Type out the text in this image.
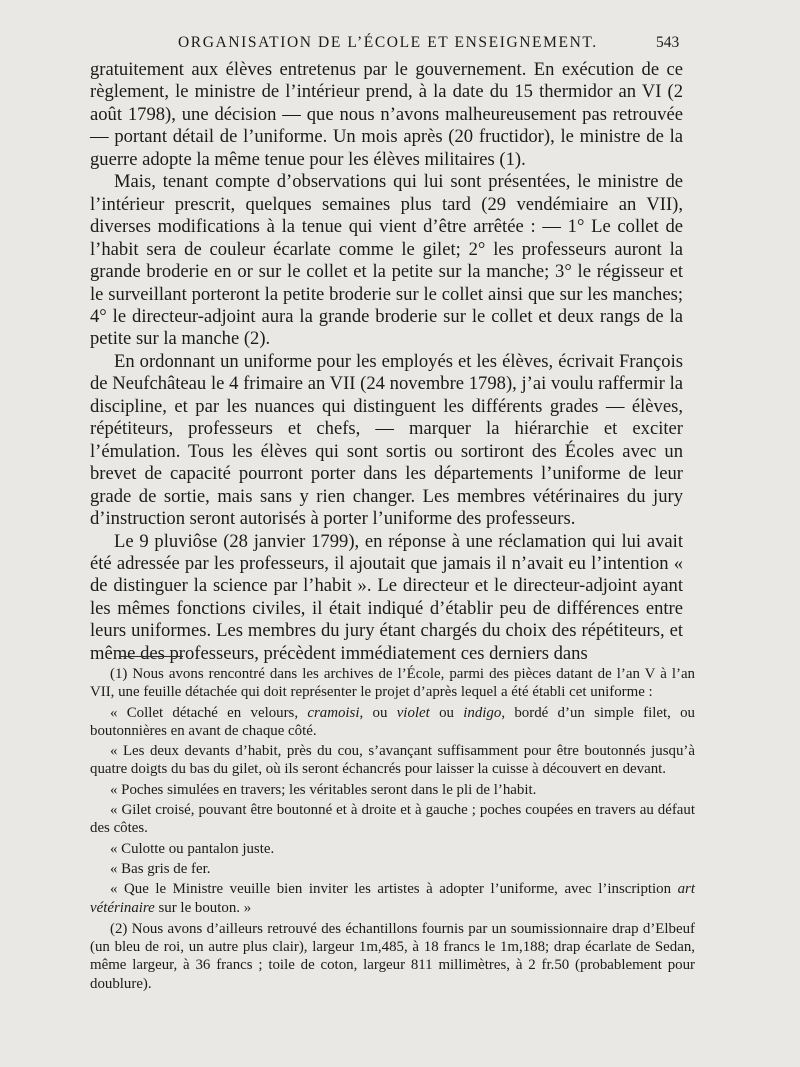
ORGANISATION DE L’ÉCOLE ET ENSEIGNEMENT.	543

gratuitement aux élèves entretenus par le gouvernement. En exécution de ce règlement, le ministre de l’intérieur prend, à la date du 15 thermidor an VI (2 août 1798), une décision — que nous n’avons malheureusement pas retrouvée — portant détail de l’uniforme. Un mois après (20 fructidor), le ministre de la guerre adopte la même tenue pour les élèves militaires (1).

Mais, tenant compte d’observations qui lui sont présentées, le ministre de l’intérieur prescrit, quelques semaines plus tard (29 vendémiaire an VII), diverses modifications à la tenue qui vient d’être arrêtée : — 1° Le collet de l’habit sera de couleur écarlate comme le gilet; 2° les professeurs auront la grande broderie en or sur le collet et la petite sur la manche; 3° le régisseur et le surveillant porteront la petite broderie sur le collet ainsi que sur les manches; 4° le directeur-adjoint aura la grande broderie sur le collet et deux rangs de la petite sur la manche (2).

En ordonnant un uniforme pour les employés et les élèves, écrivait François de Neufchâteau le 4 frimaire an VII (24 novembre 1798), j’ai voulu raffermir la discipline, et par les nuances qui distinguent les différents grades — élèves, répétiteurs, professeurs et chefs, — marquer la hiérarchie et exciter l’émulation. Tous les élèves qui sont sortis ou sortiront des Écoles avec un brevet de capacité pourront porter dans les départements l’uniforme de leur grade de sortie, mais sans y rien changer. Les membres vétérinaires du jury d’instruction seront autorisés à porter l’uniforme des professeurs.

Le 9 pluviôse (28 janvier 1799), en réponse à une réclamation qui lui avait été adressée par les professeurs, il ajoutait que jamais il n’avait eu l’intention « de distinguer la science par l’habit ». Le directeur et le directeur-adjoint ayant les mêmes fonctions civiles, il était indiqué d’établir peu de différences entre leurs uniformes. Les membres du jury étant chargés du choix des répétiteurs, et même des professeurs, précèdent immédiatement ces derniers dans

(1) Nous avons rencontré dans les archives de l’École, parmi des pièces datant de l’an V à l’an VII, une feuille détachée qui doit représenter le projet d’après lequel a été établi cet uniforme :

« Collet détaché en velours, cramoisi, ou violet ou indigo, bordé d’un simple filet, ou boutonnières en avant de chaque côté.

« Les deux devants d’habit, près du cou, s’avançant suffisamment pour être boutonnés jusqu’à quatre doigts du bas du gilet, où ils seront échancrés pour laisser la cuisse à découvert en devant.

« Poches simulées en travers; les véritables seront dans le pli de l’habit.

« Gilet croisé, pouvant être boutonné et à droite et à gauche ; poches coupées en travers au défaut des côtes.

« Culotte ou pantalon juste.

« Bas gris de fer.

« Que le Ministre veuille bien inviter les artistes à adopter l’uniforme, avec l’inscription art vétérinaire sur le bouton. »

(2) Nous avons d’ailleurs retrouvé des échantillons fournis par un soumissionnaire drap d’Elbeuf (un bleu de roi, un autre plus clair), largeur 1m,485, à 18 francs le 1m,188; drap écarlate de Sedan, même largeur, à 36 francs ; toile de coton, largeur 811 millimètres, à 2 fr.50 (probablement pour doublure).
